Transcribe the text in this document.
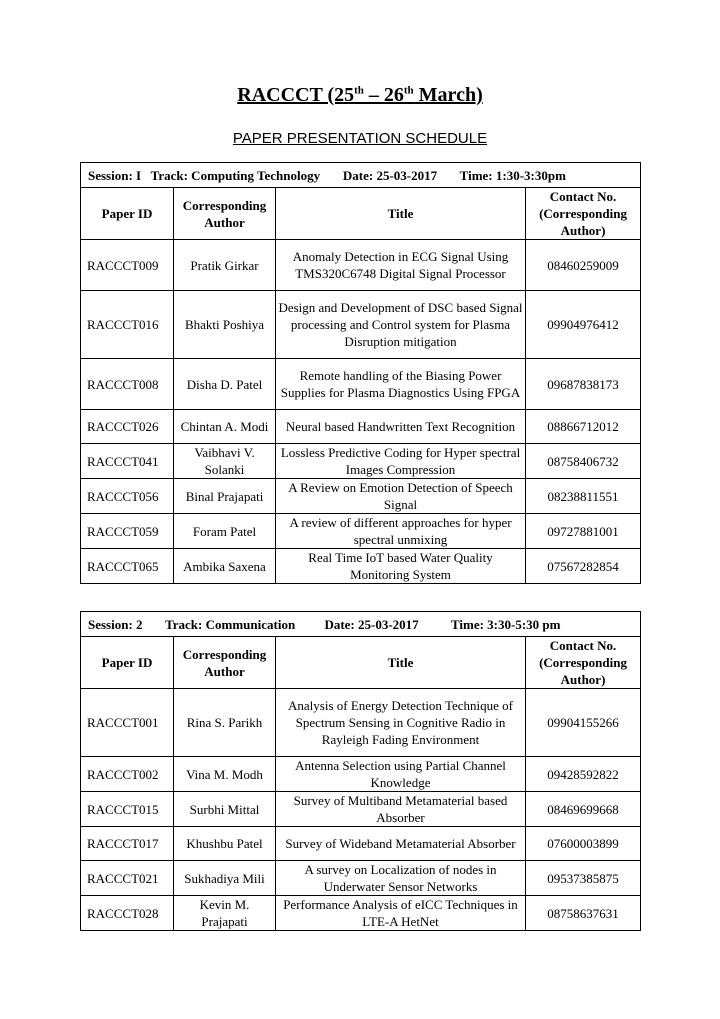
RACCCT (25th – 26th March)
PAPER PRESENTATION SCHEDULE
Session: I Track: Computing Technology Date: 25-03-2017 Time: 1:30-3:30pm			
Paper ID	Corresponding Author	Title	Contact No. (Corresponding Author)
RACCCT009	Pratik Girkar	Anomaly Detection in ECG Signal Using TMS320C6748 Digital Signal Processor	08460259009
RACCCT016	Bhakti Poshiya	Design and Development of DSC based Signal processing and Control system for Plasma Disruption mitigation	09904976412
RACCCT008	Disha D. Patel	Remote handling of the Biasing Power Supplies for Plasma Diagnostics Using FPGA	09687838173
RACCCT026	Chintan A. Modi	Neural based Handwritten Text Recognition	08866712012
RACCCT041	Vaibhavi V. Solanki	Lossless Predictive Coding for Hyper spectral Images Compression	08758406732
RACCCT056	Binal Prajapati	A Review on Emotion Detection of Speech Signal	08238811551
RACCCT059	Foram Patel	A review of different approaches for hyper spectral unmixing	09727881001
RACCCT065	Ambika Saxena	Real Time IoT based Water Quality Monitoring System	07567282854
Session: 2 Track: Communication Date: 25-03-2017 Time: 3:30-5:30 pm			
Paper ID	Corresponding Author	Title	Contact No. (Corresponding Author)
RACCCT001	Rina S. Parikh	Analysis of Energy Detection Technique of Spectrum Sensing in Cognitive Radio in Rayleigh Fading Environment	09904155266
RACCCT002	Vina M. Modh	Antenna Selection using Partial Channel Knowledge	09428592822
RACCCT015	Surbhi Mittal	Survey of Multiband Metamaterial based Absorber	08469699668
RACCCT017	Khushbu Patel	Survey of Wideband Metamaterial Absorber	07600003899
RACCCT021	Sukhadiya Mili	A survey on Localization of nodes in Underwater Sensor Networks	09537385875
RACCCT028	Kevin M. Prajapati	Performance Analysis of eICC Techniques in LTE-A HetNet	08758637631
